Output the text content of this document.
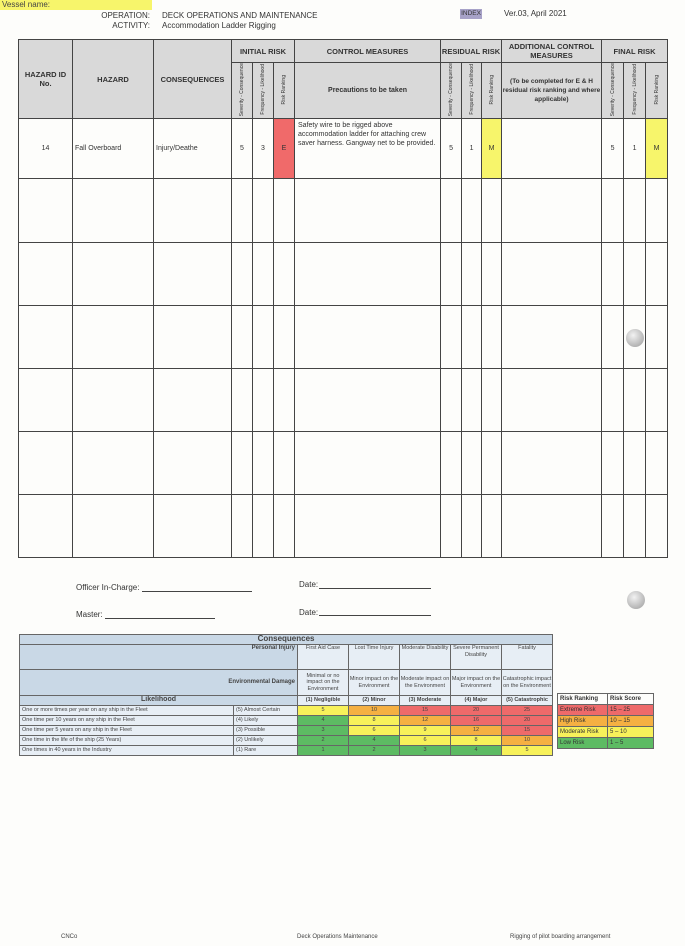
Vessel name:
OPERATION: DECK OPERATIONS AND MAINTENANCE
ACTIVITY: Accommodation Ladder Rigging
INDEX	Ver.03, April 2021
HAZARD ID No.	HAZARD	CONSEQUENCES	INITIAL RISK			CONTROL MEASURES	RESIDUAL RISK			ADDITIONAL CONTROL MEASURES	FINAL RISK		
			Severity - Consequence	Frequency - Likelihood	Risk Ranking	Precautions to be taken	Severity - Consequence	Frequency - Likelihood	Risk Ranking	(To be completed for E & H residual risk ranking and where applicable)	Severity - Consequence	Frequency - Likelihood	Risk Ranking
14	Fall Overboard	Injury/Deathe	5	3	E	Safety wire to be rigged above accommodation ladder for attaching crew saver harness. Gangway net to be provided.	5	1	M		5	1	M

Officer In-Charge:	Date:
Master:	Date:
Consequences						
Personal Injury		First Aid Case	Lost Time Injury	Moderate Disability	Severe Permanent Disability	Fatality
Environmental Damage		Minimal or no impact on the Environment	Minor impact on the Environment	Moderate impact on the Environment	Major impact on the Environment	Catastrophic impact on the Environment
Likelihood		(1) Negligible	(2) Minor	(3) Moderate	(4) Major	(5) Catastrophic
One or more times per year on any ship in the Fleet	(5) Almost Certain	5	10	15	20	25
One time per 10 years on any ship in the Fleet	(4) Likely	4	8	12	16	20
One time per 5 years on any ship in the Fleet	(3) Possible	3	6	9	12	15
One time in the life of the ship (25 Years)	(2) Unlikely	2	4	6	8	10
One times in 40 years in the Industry	(1) Rare	1	2	3	4	5
Risk Ranking	Risk Score
Extreme Risk	15 – 25
High Risk	10 – 15
Moderate Risk	5 – 10
Low Risk	1 – 5
CNCo	Deck Operations Maintenance	Rigging of pilot boarding arrangement
